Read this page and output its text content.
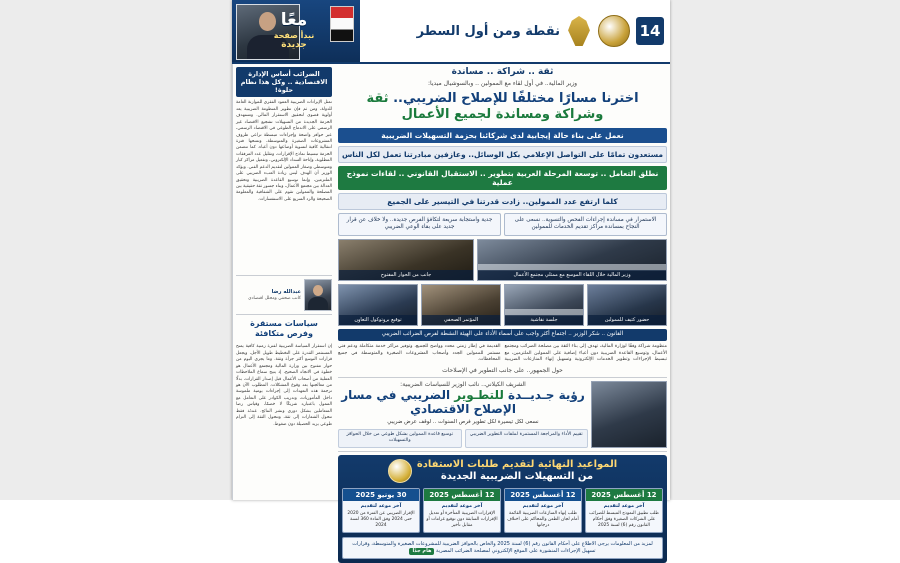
معًا
نبدأ صفحة
جديدة
14
نقطة ومن أول السطر
ثقة .. شراكة .. مساندة
وزير المالية.. في أول لقاء مع الممولين .. وبالسوشيال ميديا:
اخترنا مسارًا مختلفًا للإصلاح الضريبي.. ثقة وشراكة ومساندة لجميع الأعمال
نعمل على بناء حالة إيجابية لدى شركائنا بحزمة التسهيلات الضريبية
مستعدون تمامًا على التواصل الإعلامي بكل الوسائل.. وعازفين مبادرتنا تعمل لكل الناس
نطلق التعامل .. توسعة المرحلة العربية بتطوير .. الاستقبال القانوني .. لقاءات نموذج عملية
كلما ارتفع عدد الممولين.. زادت قدرتنا في التيسير على الجميع
الاستمرار في مساندة إجراءات الفحص والتسوية.. نسعى على النجاح بمساندة مراكز تقديم الخدمات للممولين
جدية واستجابة سريعة لتكافؤ الفرص جديدة.. ولا خلاف عن قرار جديد على بقاء الوعي الضريبي
وزير المالية خلال اللقاء الموسع مع ممثلي مجتمع الأعمال
جانب من الحوار المفتوح
حضور كثيف للممولين
جلسة نقاشية
المؤتمر الصحفي
توقيع بروتوكول التعاون
القانون .. شكر الوزير .. اجتماع أكثر واجب على أسماء الأداء على الهيئة النشطة لفرص الضرائب الضريبي
منظومة شراكة وفقًا لوزارة المالية، تهدف إلى بناء الثقة بين مصلحة الضرائب ومجتمع الأعمال، وتوسيع القاعدة الضريبية دون أعباء إضافية على الممولين الملتزمين، مع تبسيط الإجراءات وتطوير الخدمات الإلكترونية وتسهيل إنهاء المنازعات الضريبية القديمة في إطار زمني محدد وواضح للجميع، وتوفير مراكز خدمة متكاملة ودعم فني مستمر للممولين الجدد وأصحاب المشروعات الصغيرة والمتوسطة في جميع المحافظات.
حول الجمهور.. على جانب التطوير في الإصلاحات
الشريف الكيلاني.. نائب الوزير للسياسات الضريبية:
رؤية جـديــدة للتطـوير الضريبي في مسار الإصلاح الاقتصادي
نسعى لكل تيسيرة لكل تطوير فرص السنوات .. لوقف عرض ضريبي
تقييم الأداء والمراجعة المستمرة لملفات التطوير الضريبي
توسيع قاعدة الممولين بشكل طوعي من خلال الحوافز والتسهيلات
المواعيد النهائية لتقديم طلبات الاستفادة
من التسهيلات الضريبية الجديدة
12 أغسطس 2025
آخر موعد لتقديم
طلب تطبيق النموذج المبسط للضرائب على الشركات الصغيرة وفق أحكام القانون رقم (6) لسنة 2025
12 أغسطس 2025
آخر موعد لتقديم
طلب إنهاء المنازعات الضريبية القائمة أمام لجان الطعن والمحاكم على اختلاف درجاتها
12 أغسطس 2025
آخر موعد لتقديم
الإقرارات الضريبية المتأخرة أو تعديل الإقرارات السابقة دون توقيع غرامات أو مقابل تأخير
30 يونيو 2025
آخر موعد لتقديم
الإقرار الضريبي عن الفترة من 2020 حتى 2024 وفق المادة 360 لسنة 2024
لمزيد من المعلومات يرجى الاطلاع على أحكام القانون رقم (6) لسنة 2025 والخاص بالحوافز الضريبية للمشروعات الصغيرة والمتوسطة، وقرارات تسهيل الإجراءات المنشورة على الموقع الإلكتروني لمصلحة الضرائب المصرية هام جدًا
الضرائب أساس الإدارة الاقتصادية .. وكل هذا نظام حلوة!
تمثل الإيرادات الضريبية العمود الفقري للموازنة العامة للدولة، ومن ثم فإن تطوير المنظومة الضريبية يعد أولوية قصوى لتحقيق الاستقرار المالي. وتستهدف الحزمة الجديدة من التسهيلات تشجيع الاقتصاد غير الرسمي على الاندماج الطوعي في الاقتصاد الرسمي، عبر حوافز واضحة وإجراءات مبسطة تراعي ظروف المشروعات الصغيرة والمتوسطة، وتمنحها فترة انتقالية كافية لتسوية أوضاعها دون أعباء. كما تتضمن الحزمة تبسيط نماذج الإقرارات، وتقليل عدد المرفقات المطلوبة، وإتاحة السداد الإلكتروني، وتفعيل مراكز كبار ومتوسطي وصغار الممولين لتقديم الدعم الفني. ويؤكد الوزير أن الهدف ليس زيادة العبء الضريبي على الملتزمين، وإنما توسيع القاعدة الضريبية وتحقيق العدالة بين مجتمع الأعمال، وبناء جسور ثقة حقيقية بين المصلحة والممولين تقوم على الشفافية والمعلومة الصحيحة والرد السريع على الاستفسارات.
عبدالله رضا
كاتب صحفي ومحلل اقتصادي
سياسات مستقرة وفرص متكافئة
إن استقرار السياسة الضريبية لفترة زمنية كافية يمنح المستثمر القدرة على التخطيط طويل الأجل، ويجعل قرارات التوسع أكثر جرأة وثقة. وما يجري اليوم من حوار مفتوح بين وزارة المالية ومجتمع الأعمال هو خطوة في الاتجاه الصحيح، إذ يتيح سماع الملاحظات العملية من أصحاب الأعمال قبل إصدار القرارات، بدلًا من معالجتها بعد وقوع المشكلات. المطلوب الآن هو ترجمة هذه التعهدات إلى إجراءات يومية ملموسة داخل المأموريات، وتدريب الكوادر على التعامل مع الممول باعتباره شريكًا لا خصمًا، وقياس رضا المتعاملين بشكل دوري ونشر النتائج. عندئذ فقط تتحول الشعارات إلى ثقة، وتتحول الثقة إلى التزام طوعي يزيد الحصيلة دون ضغوط.
